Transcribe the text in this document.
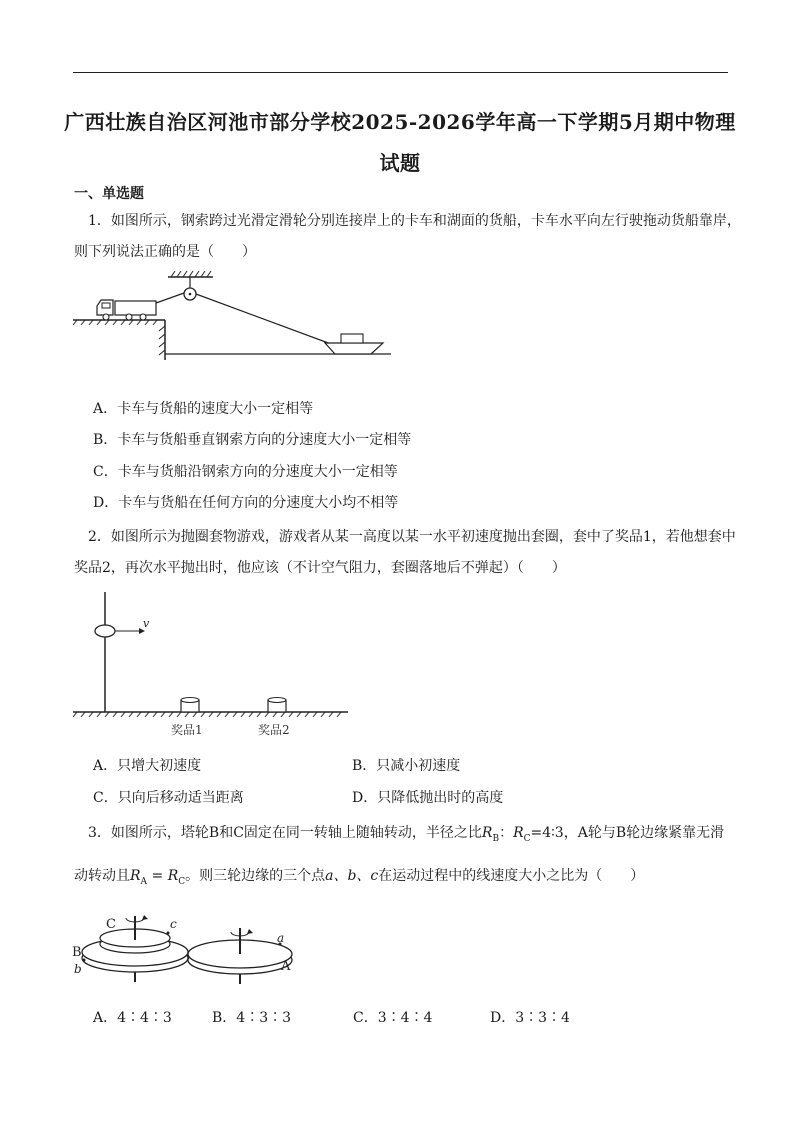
广西壮族自治区河池市部分学校2025-2026学年高一下学期5月期中物理
试题
一、单选题
1．如图所示，钢索跨过光滑定滑轮分别连接岸上的卡车和湖面的货船，卡车水平向左行驶拖动货船靠岸，
则下列说法正确的是（　　）
A．卡车与货船的速度大小一定相等
B．卡车与货船垂直钢索方向的分速度大小一定相等
C．卡车与货船沿钢索方向的分速度大小一定相等
D．卡车与货船在任何方向的分速度大小均不相等
2．如图所示为抛圈套物游戏，游戏者从某一高度以某一水平初速度抛出套圈，套中了奖品1，若他想套中
奖品2，再次水平抛出时，他应该（不计空气阻力，套圈落地后不弹起）（　　）
v
奖品1	奖品2
A．只增大初速度	B．只减小初速度
C．只向后移动适当距离	D．只降低抛出时的高度
3．如图所示，塔轮B和C固定在同一转轴上随轴转动，半径之比$R_B$：$R_C=4∶3$，A轮与B轮边缘紧靠无滑
动转动且$R_A = R_C$。则三轮边缘的三个点a、b、c在运动过程中的线速度大小之比为（　　）
C	c
B
b
a
A
A．4∶4∶3	B．4∶3∶3	C．3∶4∶4	D．3∶3∶4
